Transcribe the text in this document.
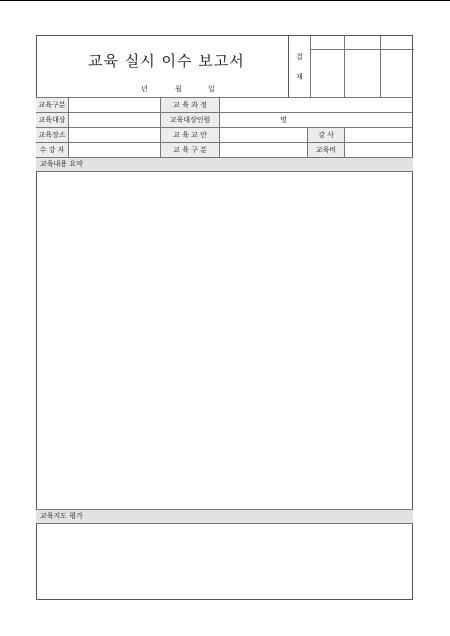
교육 실시 이수 보고서
년	월	일
결
재
교육구분	교 육 과 정
교육대상	교육대상인원	명
교육장소	교 육 교 안	강 사
수 강 자	교 육 구 분	교육비
교육내용 요약
교육지도 평가
